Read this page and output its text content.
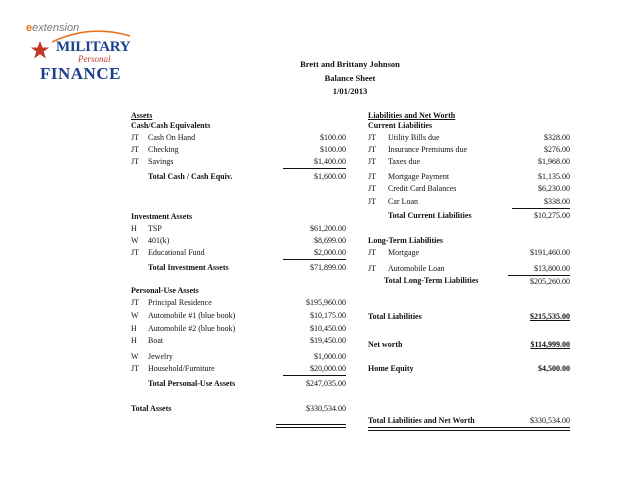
eextension
MILITARY
Personal
FINANCE	Brett and Brittany Johnson
Balance Sheet
1/01/2013
Assets
Cash/Cash Equivalents
JT Cash On Hand	$100.00
JT Checking	$100.00
JT Savings	$1,400.00
Total Cash / Cash Equiv.	$1,600.00
Investment Assets
H TSP	$61,200.00
W 401(k)	$8,699.00
JT Educational Fund	$2,000.00
Total Investment Assets	$71,899.00
Personal-Use Assets
JT Principal Residence	$195,960.00
W Automobile #1 (blue book)	$10,175.00
H Automobile #2 (blue book)	$10,450.00
H Boat	$19,450.00
W Jewelry	$1,000.00
JT Household/Furniture	$20,000.00
Total Personal-Use Assets	$247,035.00
Total Assets	$330,534.00
Liabilities and Net Worth
Current Liabilities
JT Utility Bills due	$328.00
JT Insurance Premiums due	$276.00
JT Taxes due	$1,968.00
JT Mortgage Payment	$1,135.00
JT Credit Card Balances	$6,230.00
JT Car Loan	$338.00
Total Current Liabilities	$10,275.00
Long-Term Liabilities
JT Mortgage	$191,460.00
JT Automobile Loan	$13,800.00
Total Long-Term Liabilities	$205,260.00
Total Liabilities	$215,535.00
Net worth	$114,999.00
Home Equity	$4,500.00
Total Liabilities and Net Worth	$330,534.00
